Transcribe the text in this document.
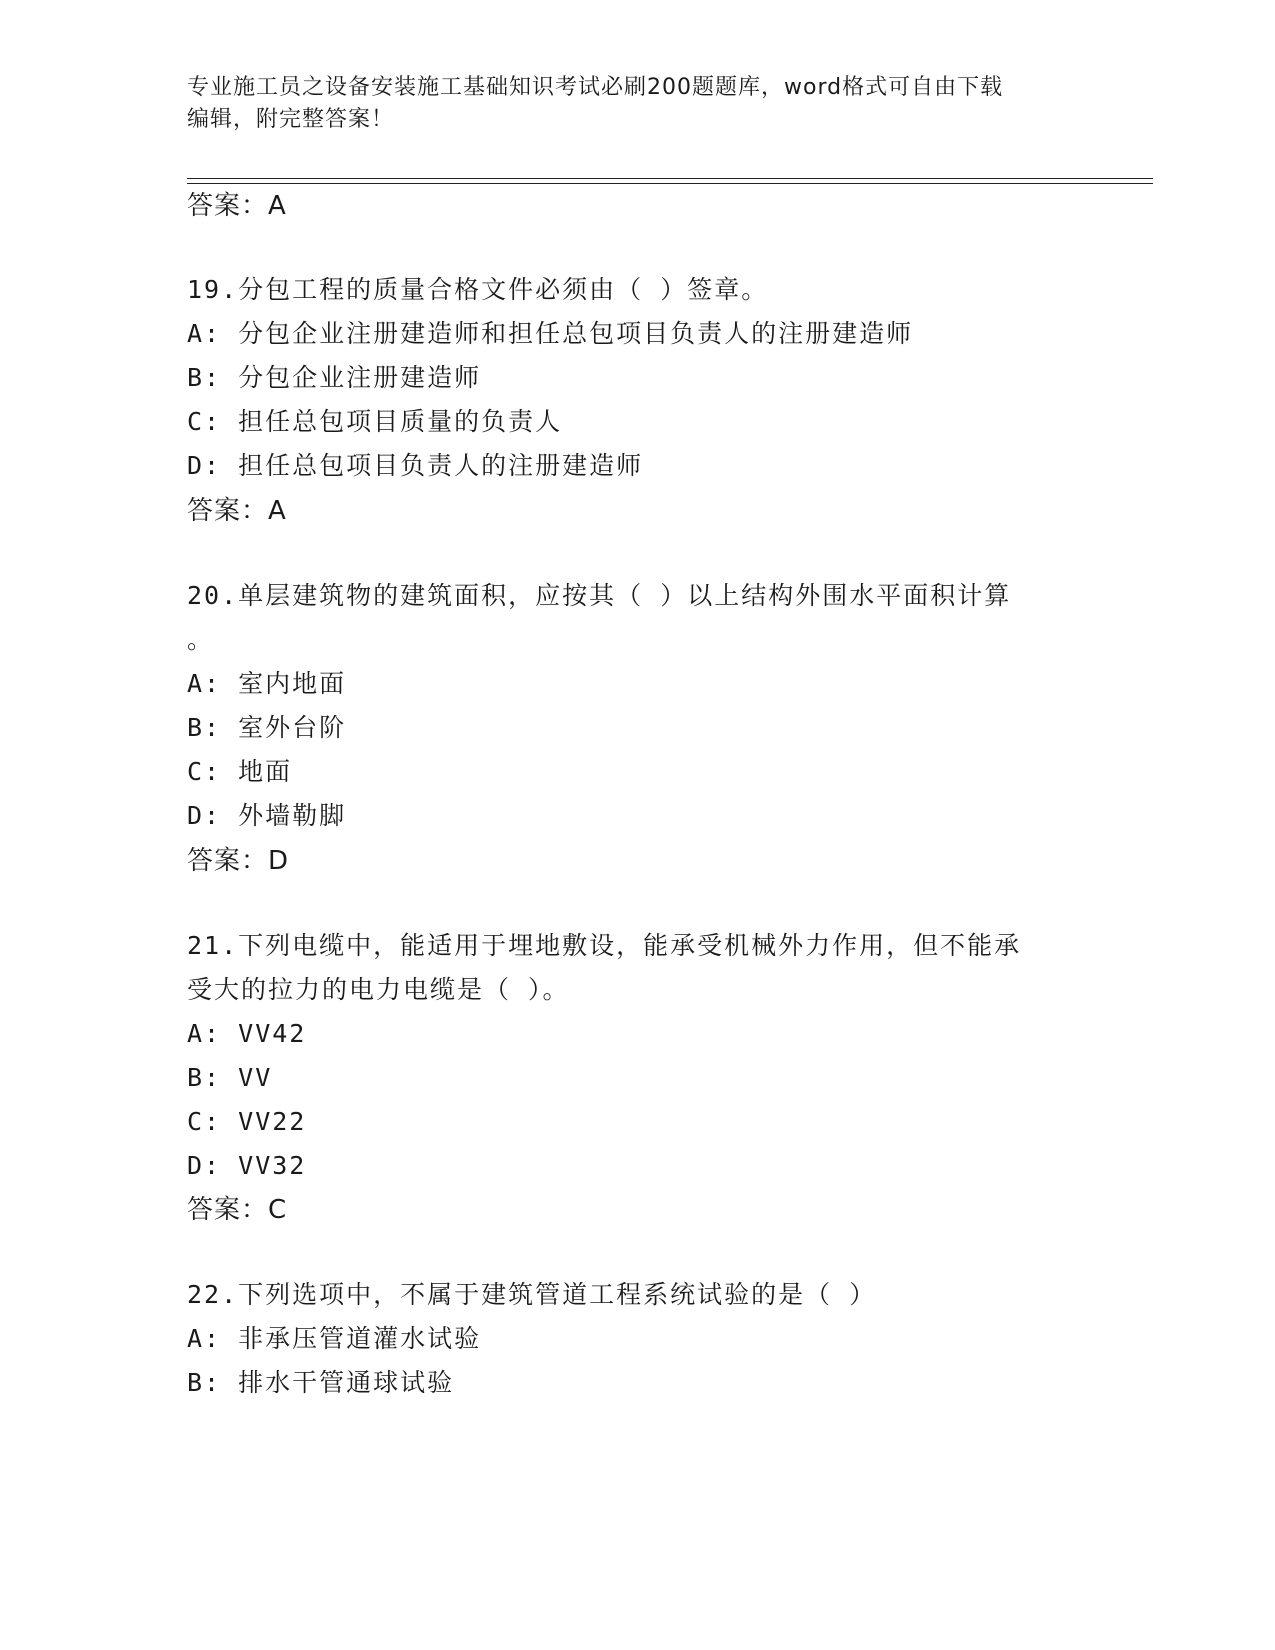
专业施工员之设备安装施工基础知识考试必刷200题题库，word格式可自由下载
编辑，附完整答案！
答案：A
19.分包工程的质量合格文件必须由（ ）签章。
A: 分包企业注册建造师和担任总包项目负责人的注册建造师
B: 分包企业注册建造师
C: 担任总包项目质量的负责人
D: 担任总包项目负责人的注册建造师
答案：A
20.单层建筑物的建筑面积，应按其（ ）以上结构外围水平面积计算
。
A: 室内地面
B: 室外台阶
C: 地面
D: 外墙勒脚
答案：D
21.下列电缆中，能适用于埋地敷设，能承受机械外力作用，但不能承
受大的拉力的电力电缆是（ ）。
A: VV42
B: VV
C: VV22
D: VV32
答案：C
22.下列选项中，不属于建筑管道工程系统试验的是（ ）
A: 非承压管道灌水试验
B: 排水干管通球试验
